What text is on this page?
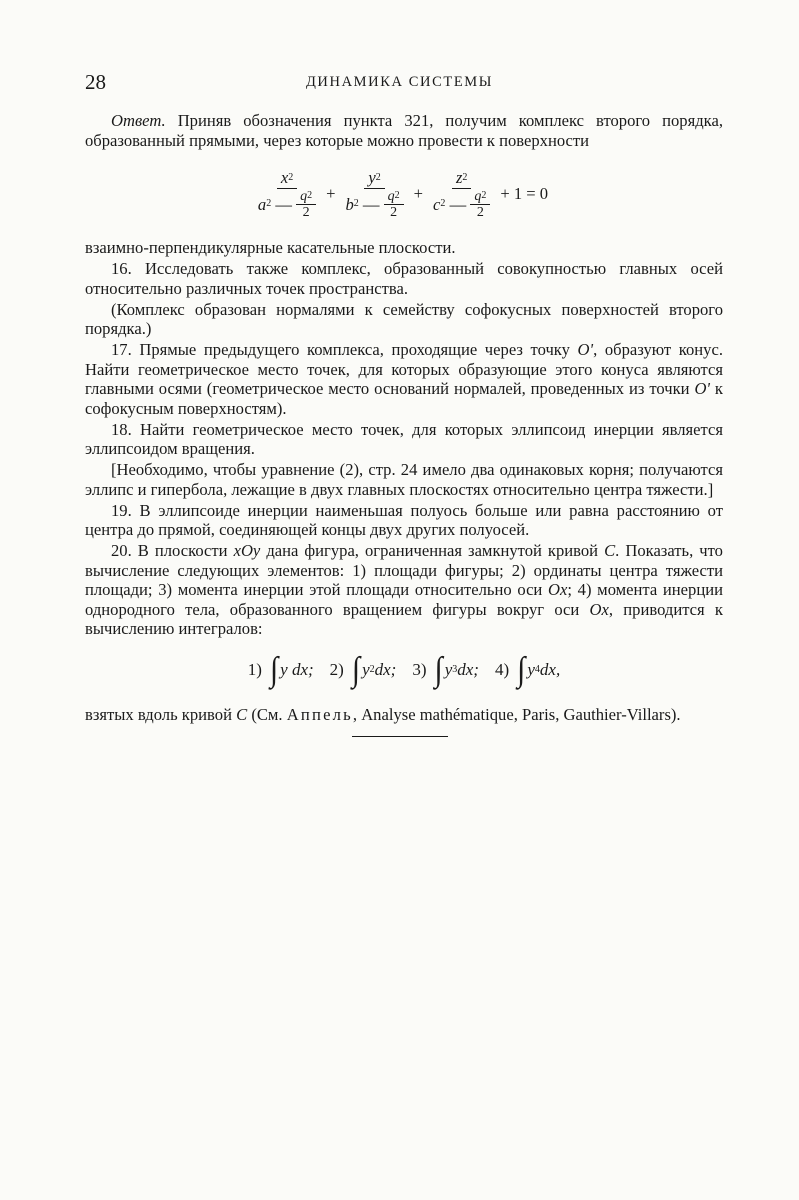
28	ДИНАМИКА СИСТЕМЫ

Ответ. Приняв обозначения пункта 321, получим комплекс второго порядка, образованный прямыми, через которые можно провести к поверхности

x 2
a 2
—
$\frac{q 2}{2} + y$ 2
b 2
—
$\frac{q 2}{2} + z$ 2
c 2
—
$\frac{q 2}{2} + 1 = 0$

взаимно-перпендикулярные касательные плоскости.

16. Исследовать также комплекс, образованный совокупностью главных осей относительно различных точек пространства.

(Комплекс образован нормалями к семейству софокусных поверхностей второго порядка.)

17. Прямые предыдущего комплекса, проходящие через точку O', образуют конус. Найти геометрическое место точек, для которых образующие этого конуса являются главными осями (геометрическое место оснований нормалей, проведенных из точки O' к софокусным поверхностям).

18. Найти геометрическое место точек, для которых эллипсоид инерции является эллипсоидом вращения.

[Необходимо, чтобы уравнение (2), стр. 24 имело два одинаковых корня; получаются эллипс и гипербола, лежащие в двух главных плоскостях относительно центра тяжести.]

19. В эллипсоиде инерции наименьшая полуось больше или равна расстоянию от центра до прямой, соединяющей концы двух других полуосей.

20. В плоскости xOy дана фигура, ограниченная замкнутой кривой C. Показать, что вычисление следующих элементов: 1) площади фигуры; 2) ординаты центра тяжести площади; 3) момента инерции этой площади относительно оси Ox; 4) момента инерции однородного тела, образованного вращением фигуры вокруг оси Ox, приводится к вычислению интегралов:

1) ∫ y dx; 2) ∫ y 2 dx; 3) ∫ y 3 dx; 4) ∫ y 4 dx,

взятых вдоль кривой C (См. Аппель, Analyse mathématique, Paris, Gauthier-Villars).
